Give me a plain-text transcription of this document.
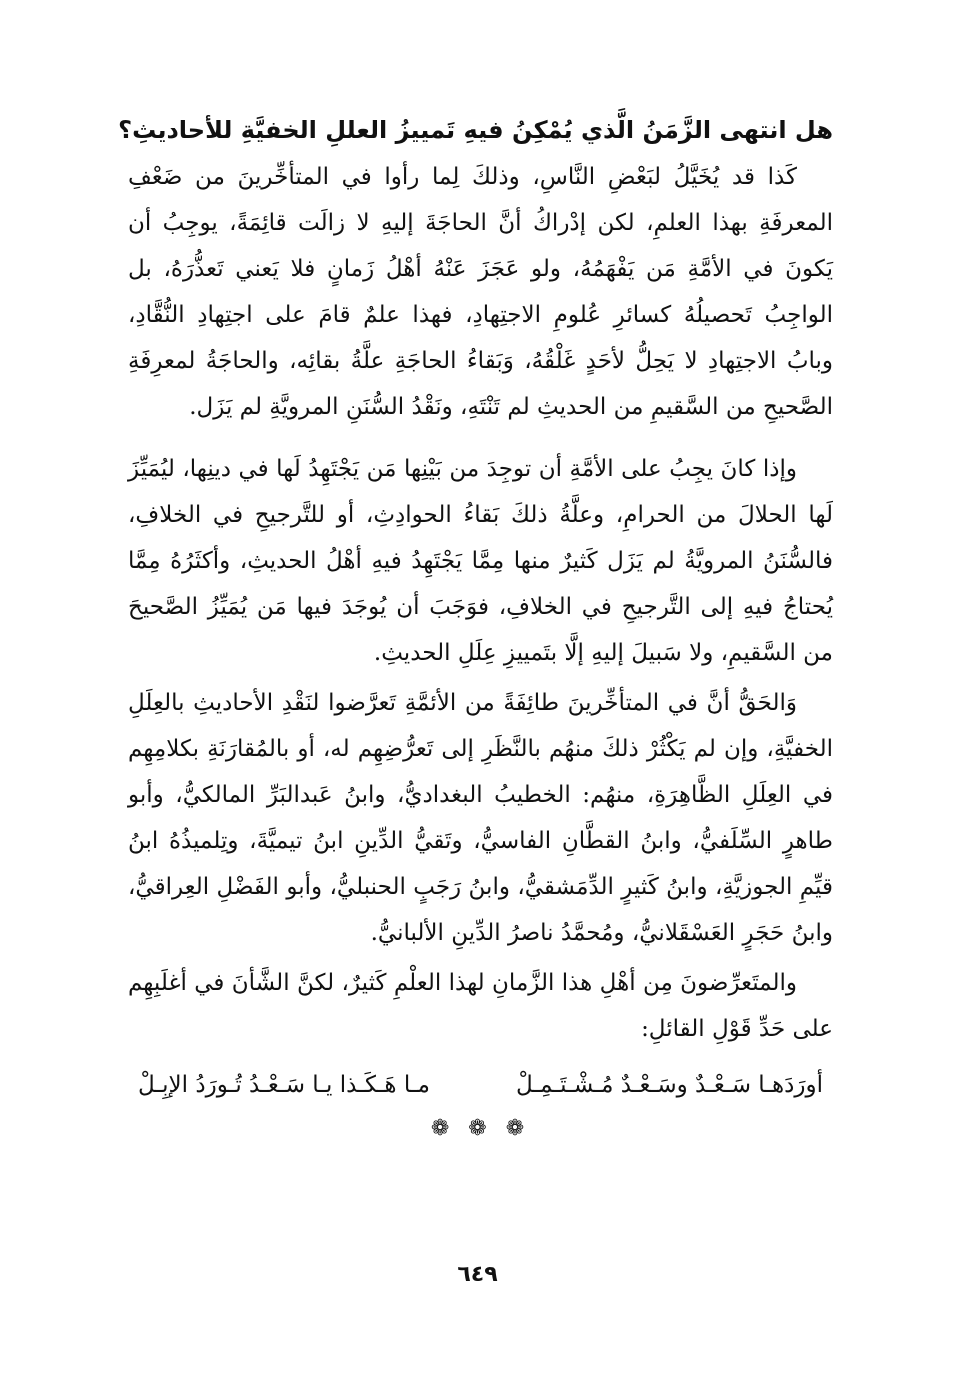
هل انتهى الزَّمَنُ الَّذي يُمْكِنُ فيهِ تَمييزُ العللِ الخفيَّةِ للأحاديثِ؟

كَذا قد يُخَيَّلُ لبَعْضِ النَّاسِ، وذلكَ لِما رأوا في المتأخِّرينَ من ضَعْفِ المعرفَةِ بهذا العلمِ، لكن إدْراكُ أنَّ الحاجَةَ إليهِ لا زالَت قائِمَةً، يوجِبُ أن يَكونَ في الأمَّةِ مَن يَفْهَمُهُ، ولو عَجَزَ عَنْهُ أهْلُ زَمانٍ فلا يَعني تَعذُّرَهُ، بل الواجِبُ تَحصيلُهُ كسائرِ عُلومِ الاجتِهادِ، فهذا علمٌ قامَ على اجتِهادِ النُّقَّادِ، وبابُ الاجتِهادِ لا يَحِلُّ لأحَدٍ غَلْقُهُ، وَبَقاءُ الحاجَةِ علَّةُ بقائِه، والحاجَةُ لمعرِفَةِ الصَّحيحِ من السَّقيمِ من الحديثِ لم تَنْتَهِ، ونَقْدُ السُّنَنِ المرويَّةِ لم يَزَل.

وإذا كانَ يجِبُ على الأمَّةِ أن توجِدَ من بَيْنِها مَن يَجْتَهِدُ لَها في دينِها، ليُمَيِّزَ لَها الحلالَ من الحرامِ، وعلَّةُ ذلكَ بَقاءُ الحوادِثِ، أو للتَّرجيحِ في الخلافِ، فالسُّنَنُ المرويَّةُ لم يَزَل كَثيرٌ منها مِمَّا يَجْتَهِدُ فيهِ أهْلُ الحديثِ، وأكثَرُهُ مِمَّا يُحتاجُ فيهِ إلى التَّرجيحِ في الخلافِ، فوَجَبَ أن يُوجَدَ فيها مَن يُمَيِّزُ الصَّحيحَ من السَّقيمِ، ولا سَبيلَ إليهِ إلَّا بتَمييزِ عِلَلِ الحديثِ.

وَالحَقُّ أنَّ في المتأخِّرينَ طائِفَةً من الأئمَّةِ تَعرَّضوا لنَقْدِ الأحاديثِ بالعِلَلِ الخفيَّةِ، وإن لم يَكْثُرْ ذلكَ منهُم بالنَّظَرِ إلى تَعرُّضِهِم له، أو بالمُقارَنَةِ بكلامِهِم في العِلَلِ الظَّاهِرَةِ، منهُم: الخطيبُ البغداديُّ، وابنُ عَبدالبَرِّ المالكيُّ، وأبو طاهرٍ السِّلَفيُّ، وابنُ القطَّانِ الفاسيُّ، وتَقيُّ الدِّينِ ابنُ تيميَّةَ، وتِلميذُهُ ابنُ قيِّمِ الجوزيَّةِ، وابنُ كَثيرٍ الدِّمَشقيُّ، وابنُ رَجَبٍ الحنبليُّ، وأبو الفَضْلِ العِراقيُّ، وابنُ حَجَرٍ العَسْقَلانيُّ، ومُحمَّدُ ناصرُ الدِّينِ الألبانيُّ.

والمتَعرِّضونَ مِن أهْلِ هذا الزَّمانِ لهذا العلْمِ كَثيرٌ، لكنَّ الشَّأنَ في أغلَبِهِم على حَدِّ قَوْلِ القائلِ:

أورَدَهـا سَـعْـدٌ وسَـعْـدٌ مُـشْـتَـمِـلْ
مـا هَـكَـذا يـا سَـعْـدُ تُـورَدُ الإبِـلْ
❁ ❁ ❁
٦٤٩
